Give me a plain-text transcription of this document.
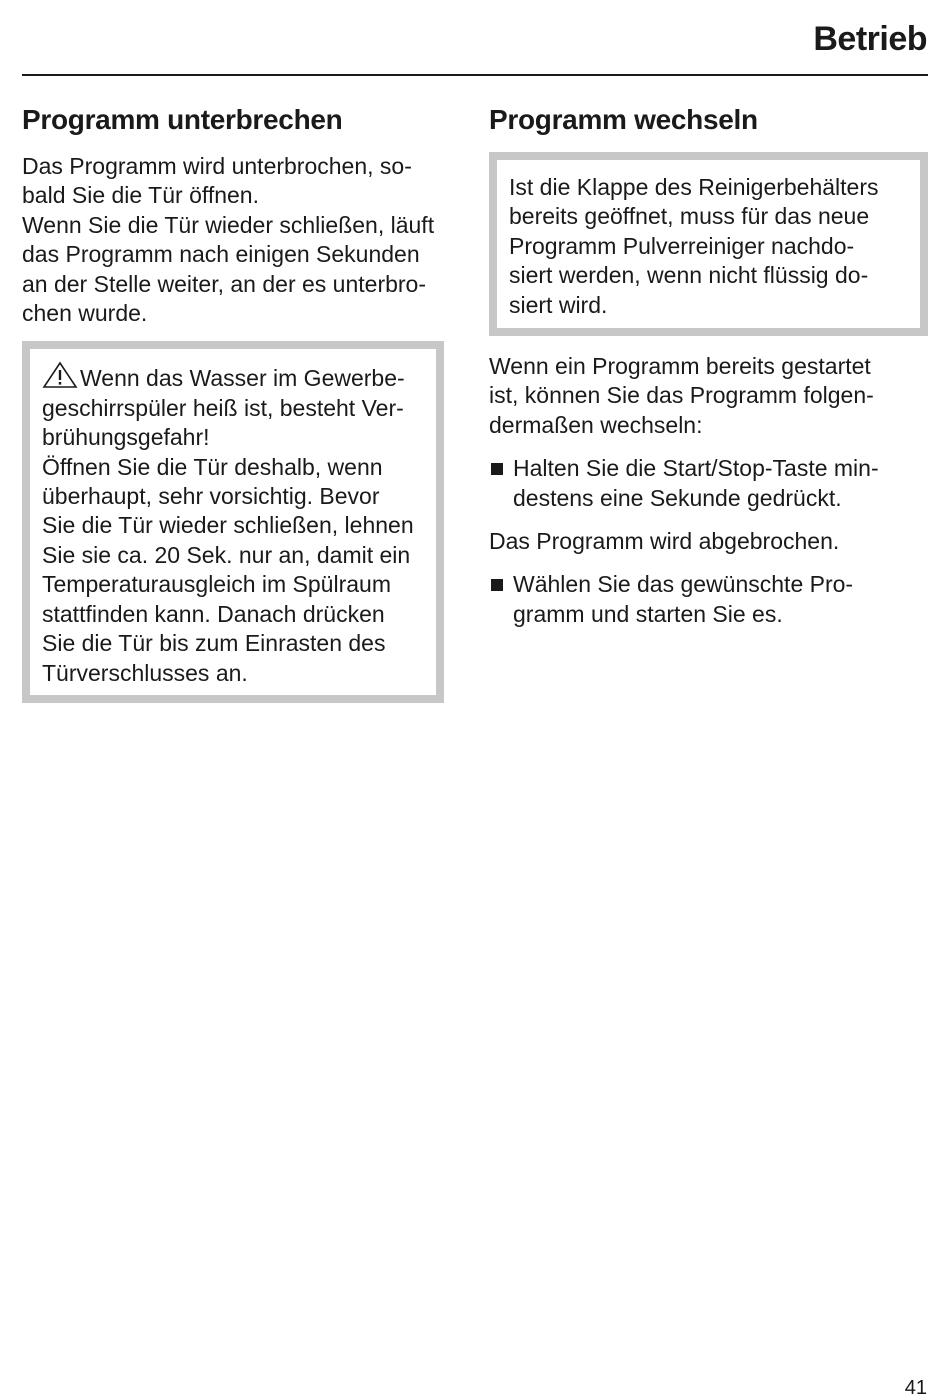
Betrieb
Programm unterbrechen

Das Programm wird unterbrochen, so-
bald Sie die Tür öffnen.
Wenn Sie die Tür wieder schließen, läuft
das Programm nach einigen Sekunden
an der Stelle weiter, an der es unterbro-
chen wurde.

Wenn das Wasser im Gewerbe-
geschirrspüler heiß ist, besteht Ver-
brühungsgefahr!
Öffnen Sie die Tür deshalb, wenn
überhaupt, sehr vorsichtig. Bevor
Sie die Tür wieder schließen, lehnen
Sie sie ca. 20 Sek. nur an, damit ein
Temperaturausgleich im Spülraum
stattfinden kann. Danach drücken
Sie die Tür bis zum Einrasten des
Türverschlusses an.
Programm wechseln
Ist die Klappe des Reinigerbehälters
bereits geöffnet, muss für das neue
Programm Pulverreiniger nachdo-
siert werden, wenn nicht flüssig do-
siert wird.

Wenn ein Programm bereits gestartet
ist, können Sie das Programm folgen-
dermaßen wechseln:

Halten Sie die Start/Stop-Taste min-
destens eine Sekunde gedrückt.

Das Programm wird abgebrochen.

Wählen Sie das gewünschte Pro-
gramm und starten Sie es.
41
